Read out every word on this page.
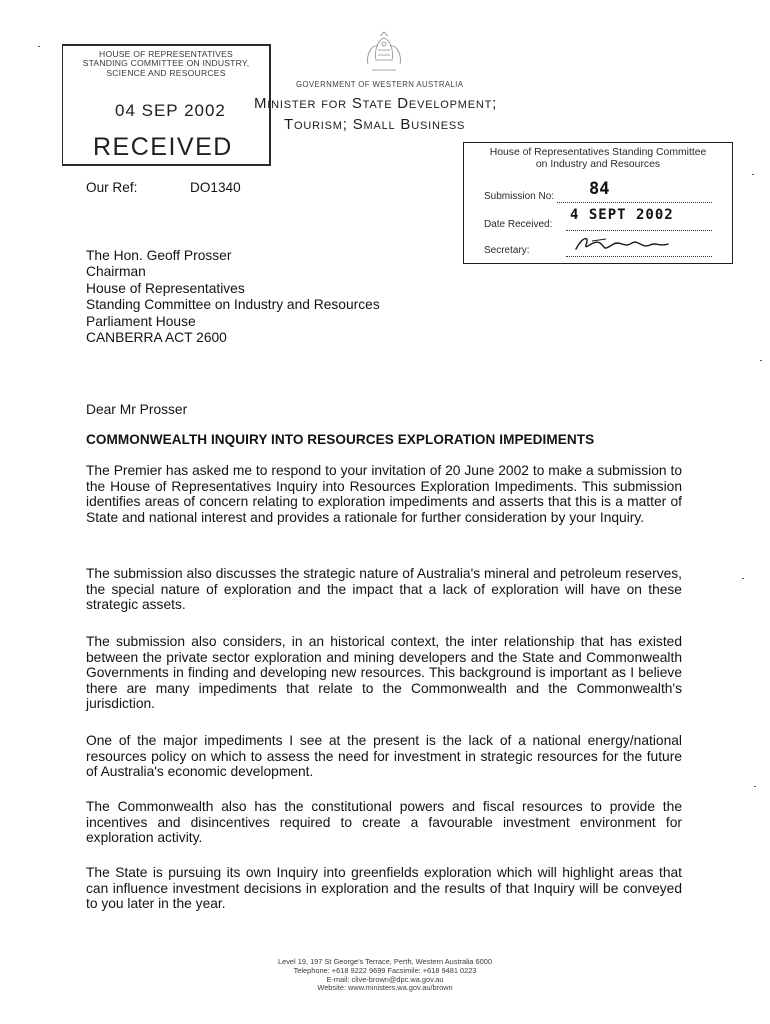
HOUSE OF REPRESENTATIVES
STANDING COMMITTEE ON INDUSTRY,
SCIENCE AND RESOURCES
04 SEP 2002
RECEIVED
GOVERNMENT OF WESTERN AUSTRALIA
Minister for State Development;
Tourism; Small Business
House of Representatives Standing Committee
on Industry and Resources
Submission No: 84
Date Received:
4 SEPT 2002
Secretary:
Our Ref:	DO1340
The Hon. Geoff Prosser
Chairman
House of Representatives
Standing Committee on Industry and Resources
Parliament House
CANBERRA ACT 2600
Dear Mr Prosser
COMMONWEALTH INQUIRY INTO RESOURCES EXPLORATION IMPEDIMENTS
The Premier has asked me to respond to your invitation of 20 June 2002 to make a submission to the House of Representatives Inquiry into Resources Exploration Impediments. This submission identifies areas of concern relating to exploration impediments and asserts that this is a matter of State and national interest and provides a rationale for further consideration by your Inquiry.
The submission also discusses the strategic nature of Australia's mineral and petroleum reserves, the special nature of exploration and the impact that a lack of exploration will have on these strategic assets.
The submission also considers, in an historical context, the inter relationship that has existed between the private sector exploration and mining developers and the State and Commonwealth Governments in finding and developing new resources. This background is important as I believe there are many impediments that relate to the Commonwealth and the Commonwealth's jurisdiction.
One of the major impediments I see at the present is the lack of a national energy/national resources policy on which to assess the need for investment in strategic resources for the future of Australia's economic development.
The Commonwealth also has the constitutional powers and fiscal resources to provide the incentives and disincentives required to create a favourable investment environment for exploration activity.
The State is pursuing its own Inquiry into greenfields exploration which will highlight areas that can influence investment decisions in exploration and the results of that Inquiry will be conveyed to you later in the year.
Level 19, 197 St George's Terrace, Perth, Western Australia 6000
Telephone: +618 9222 9699 Facsimile: +618 9481 0223
E-mail: clive-brown@dpc.wa.gov.au
Website: www.ministers.wa.gov.au/brown
